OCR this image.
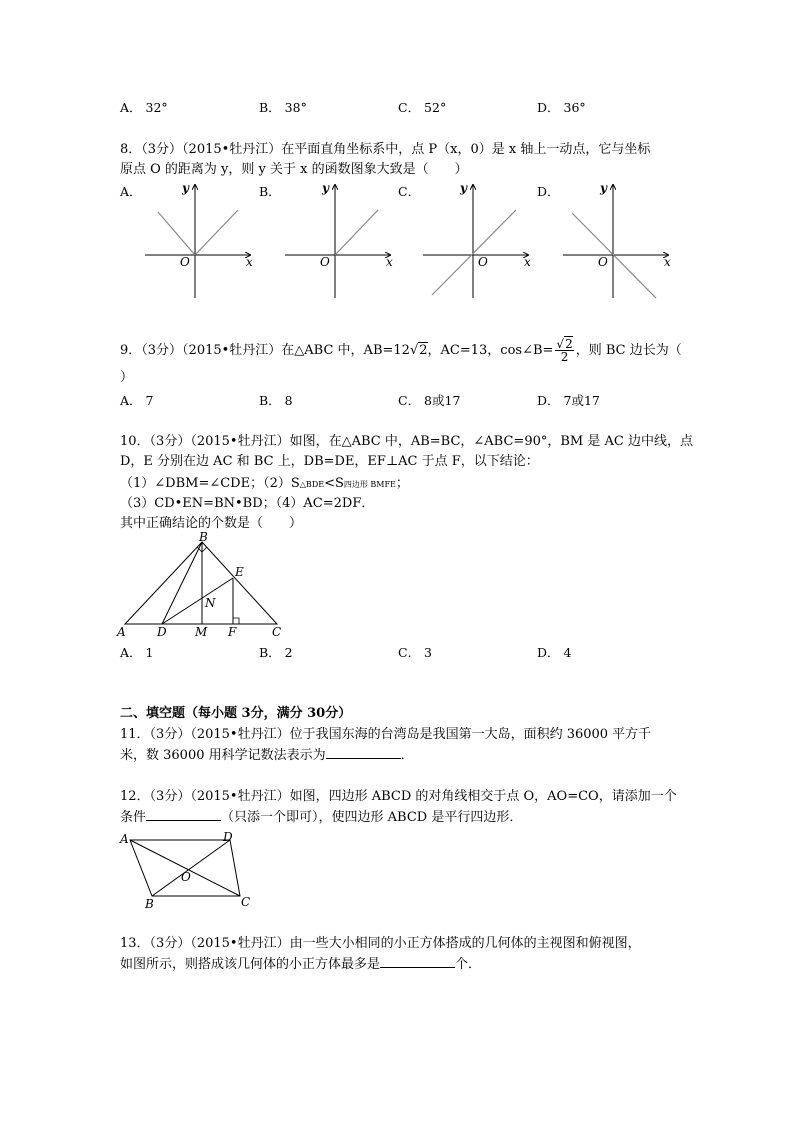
A． 32°	B． 38°	C． 52°	D． 36°
8．（3分）（2015•牡丹江）在平面直角坐标系中，点 P（x，0）是 x 轴上一动点，它与坐标
原点 O 的距离为 y，则 y 关于 x 的函数图象大致是（　　）
A．	B．	C．	D．
y
x
O
y
x
O
y
x
O
y
x
O
9．（3分）（2015•牡丹江）在△ABC 中，AB=12√2，AC=13，cos∠B= $\frac{√2}{2}$ ，则 BC 边长为（
）
A． 7	B． 8	C． 8或17	D． 7或17
10．（3分）（2015•牡丹江）如图，在△ABC 中，AB=BC，∠ABC=90°，BM 是 AC 边中线，点
D，E 分别在边 AC 和 BC 上，DB=DE，EF⊥AC 于点 F，以下结论：
（1）∠DBM=∠CDE；（2）S△BDE<S四边形 BMFE；
（3）CD•EN=BN•BD；（4）AC=2DF．
其中正确结论的个数是（　　）
B
A	D M F	C
E
N
A． 1	B． 2	C． 3	D． 4
二、填空题（每小题 3分，满分 30分）
11．（3分）（2015•牡丹江）位于我国东海的台湾岛是我国第一大岛，面积约 36000 平方千
米，数 36000 用科学记数法表示为	．
12．（3分）（2015•牡丹江）如图，四边形 ABCD 的对角线相交于点 O，AO=CO，请添加一个
条件	（只添一个即可），使四边形 ABCD 是平行四边形．
A	D
C
B
O
13．（3分）（2015•牡丹江）由一些大小相同的小正方体搭成的几何体的主视图和俯视图，
如图所示，则搭成该几何体的小正方体最多是	个．
